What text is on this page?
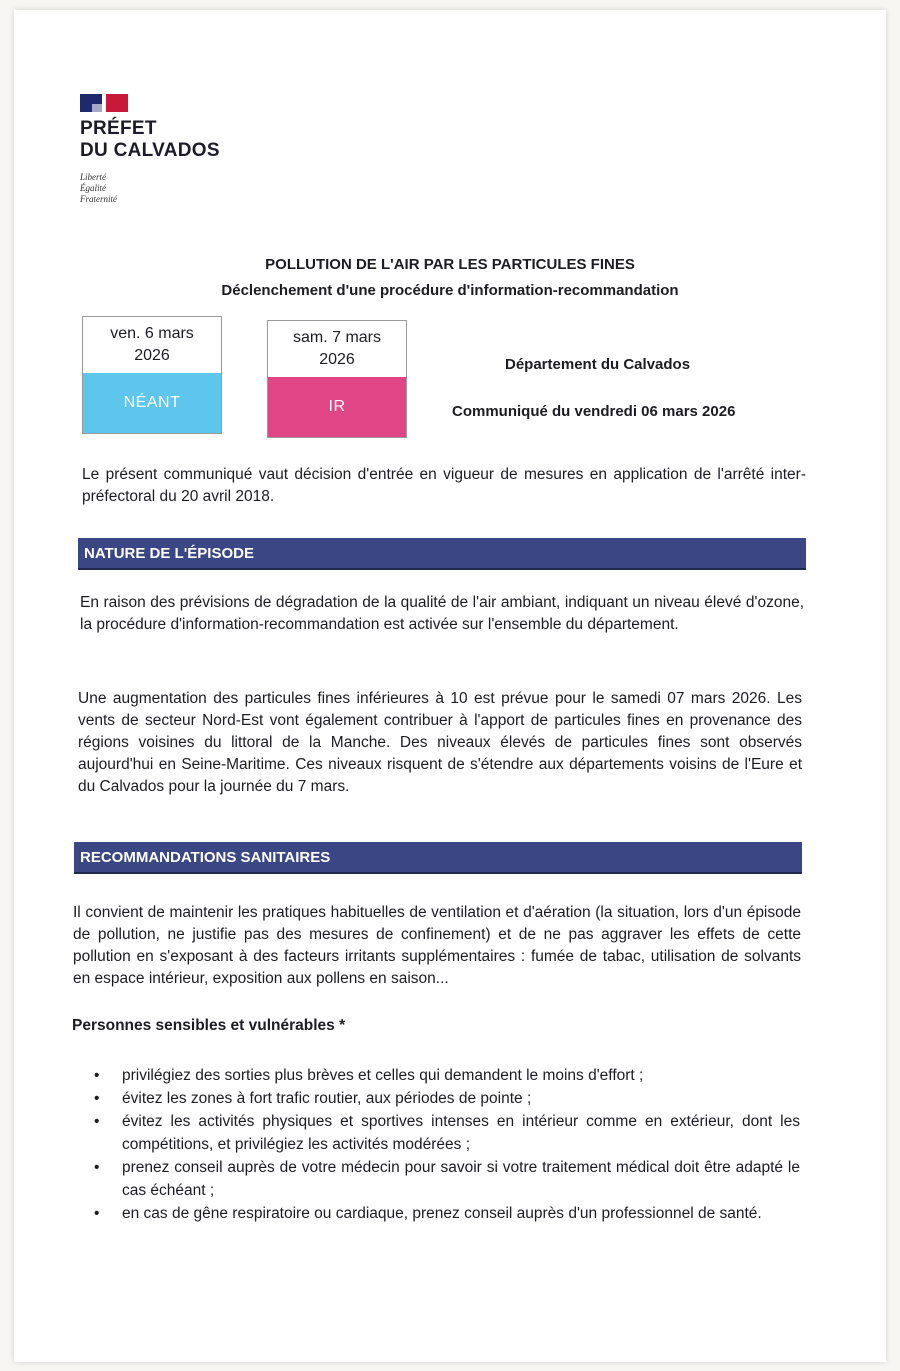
PRÉFET
DU CALVADOS
Liberté
Égalité
Fraternité
POLLUTION DE L'AIR PAR LES PARTICULES FINES
Déclenchement d'une procédure d'information-recommandation
ven. 6 mars
2026
NÉANT
sam. 7 mars
2026
IR
Département du Calvados
Communiqué du vendredi 06 mars 2026
Le présent communiqué vaut décision d'entrée en vigueur de mesures en application de l'arrêté inter-préfectoral du 20 avril 2018.
NATURE DE L'ÉPISODE
En raison des prévisions de dégradation de la qualité de l'air ambiant, indiquant un niveau élevé d'ozone, la procédure d'information-recommandation est activée sur l'ensemble du département.
Une augmentation des particules fines inférieures à 10 est prévue pour le samedi 07 mars 2026. Les vents de secteur Nord-Est vont également contribuer à l'apport de particules fines en provenance des régions voisines du littoral de la Manche. Des niveaux élevés de particules fines sont observés aujourd'hui en Seine-Maritime. Ces niveaux risquent de s'étendre aux départements voisins de l'Eure et du Calvados pour la journée du 7 mars.
RECOMMANDATIONS SANITAIRES
Il convient de maintenir les pratiques habituelles de ventilation et d'aération (la situation, lors d'un épisode de pollution, ne justifie pas des mesures de confinement) et de ne pas aggraver les effets de cette pollution en s'exposant à des facteurs irritants supplémentaires : fumée de tabac, utilisation de solvants en espace intérieur, exposition aux pollens en saison...
Personnes sensibles et vulnérables *
• privilégiez des sorties plus brèves et celles qui demandent le moins d'effort ;
• évitez les zones à fort trafic routier, aux périodes de pointe ;
• évitez les activités physiques et sportives intenses en intérieur comme en extérieur, dont les compétitions, et privilégiez les activités modérées ;
• prenez conseil auprès de votre médecin pour savoir si votre traitement médical doit être adapté le cas échéant ;
• en cas de gêne respiratoire ou cardiaque, prenez conseil auprès d'un professionnel de santé.
